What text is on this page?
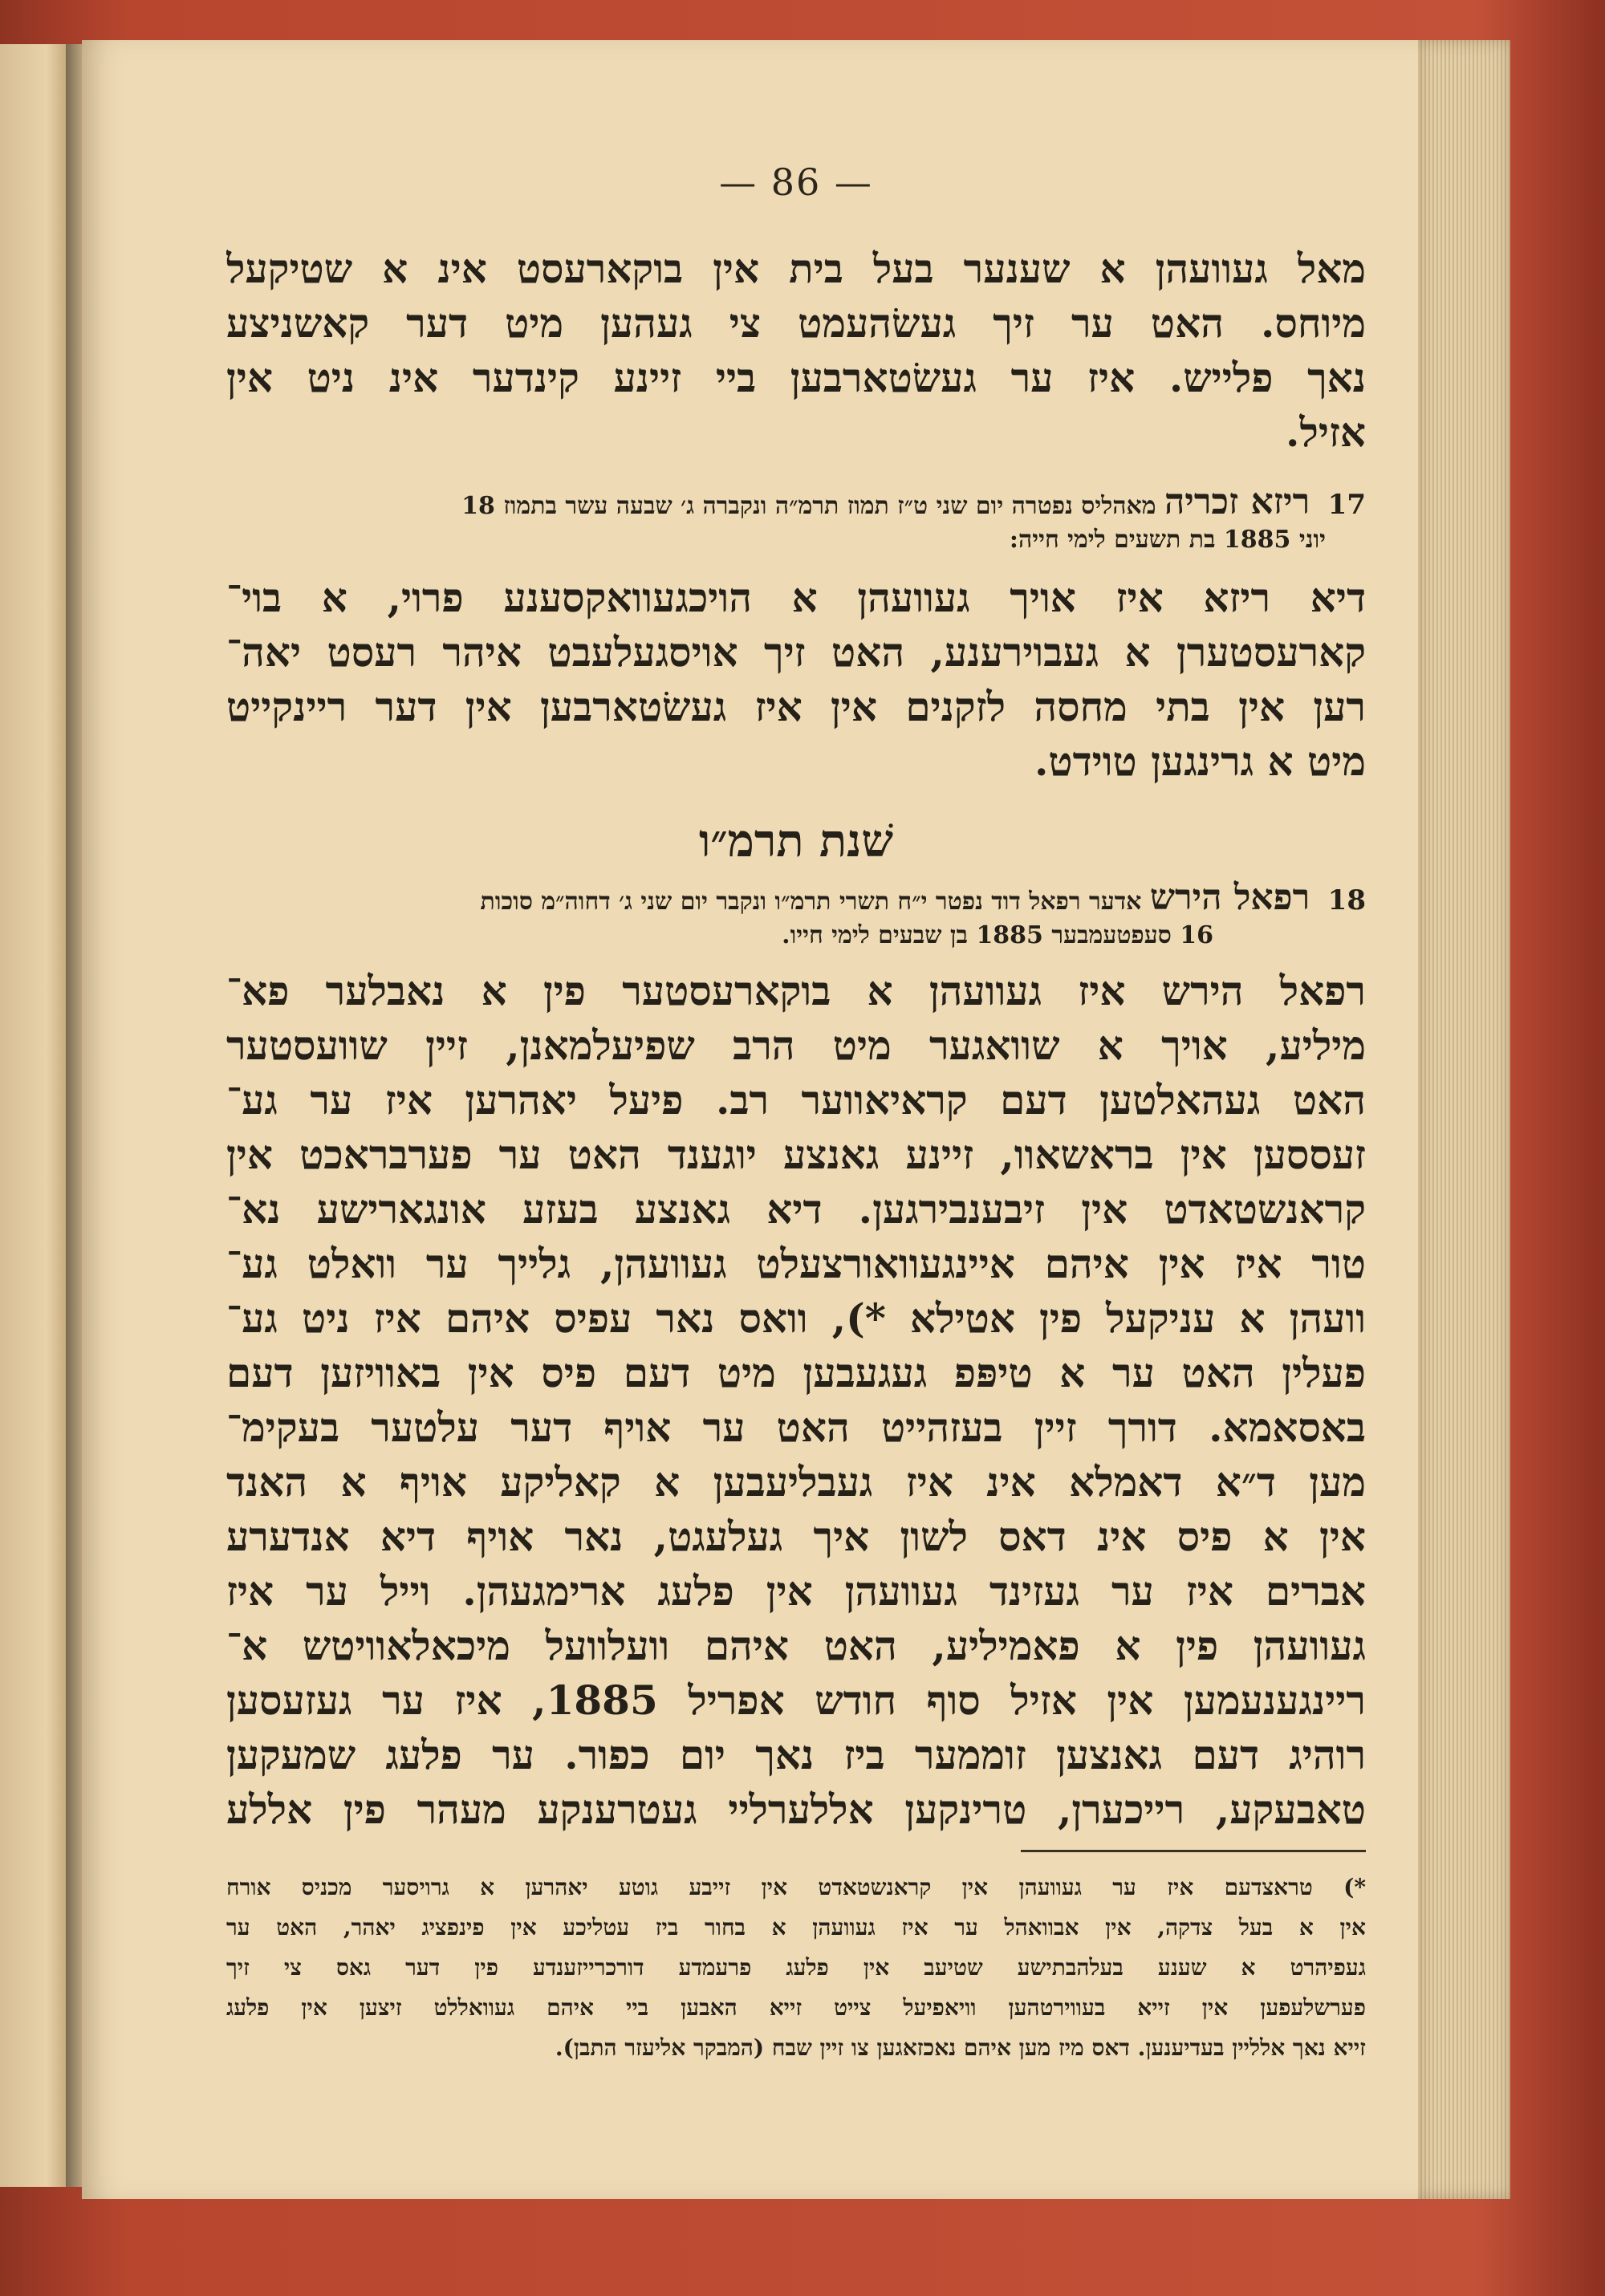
— 86 —
מאל געוועהן א שענער בעל בית אין בוקארעסט אינ א שטיקעל
מיוחס. האט ער זיך געשׂהעמט צי געהען מיט דער קאשניצע
נאך פלייש. איז ער געשׂטארבען ביי זיינע קינדער אינ ניט אין
אזיל.
17 ריזא זכריה מאהליס נפטרה יום שני ט״ז תמוז תרמ״ה ונקברה ג׳ שבעה עשר בתמוז 18
יוני 1885 בת תשעים לימי חייה:
דיא ריזא איז אויך געוועהן א הויכגעוואקסענע פרוי, א בוי־
קארעסטערן א געבוירענע, האט זיך אויסגעלעבט איהר רעסט יאה־
רען אין בתי מחסה לזקנים אין איז געשׂטארבען אין דער ריינקייט
מיט א גרינגען טוידט.
שׁנת תרמ״ו
18 רפאל הירש אדער רפאל דוד נפטר י״ח תשרי תרמ״ו ונקבר יום שני ג׳ דחוה״מ סוכות
16 סעפטעמבער 1885 בן שבעים לימי חייו.
רפאל הירש איז געוועהן א בוקארעסטער פין א נאבלער פא־
מיליע, אויך א שוואגער מיט הרב שפיעלמאנן, זיין שוועסטער
האט געהאלטען דעם קראיאווער רב. פיעל יאהרען איז ער גע־
זעססען אין בראשאוו, זיינע גאנצע יוגענד האט ער פערבראכט אין
קראנשטאדט אין זיבענבירגען. דיא גאנצע בעזע אונגארישע נא־
טור איז אין איהם איינגעוואורצעלט געוועהן, גלייך ער וואלט גע־
וועהן א עניקעל פין אטילא *), וואס נאר עפיס איהם איז ניט גע־
פעלין האט ער א טיפּפ געגעבען מיט דעם פיס אין באוויזען דעם
באסאמא. דורך זיין בעזהייט האט ער אויף דער עלטער בעקימ־
מען ד״א דאמלא אינ איז געבליעבען א קאליקע אויף א האנד
אין א פיס אינ דאס לשון איך געלעגט, נאר אויף דיא אנדערע
אברים איז ער געזינד געוועהן אין פלעג ארימגעהן. וייל ער איז
געוועהן פין א פאמיליע, האט איהם וועלוועל מיכאלאוויטש א־
ריינגענעמען אין אזיל סוף חודש אפריל 1885, איז ער געזעסען
רוהיג דעם גאנצען זוממער ביז נאך יום כפור. ער פלעג שמעקען
טאבעקע, רייכערן, טרינקען אללערליי געטרענקע מעהר פין אללע
*) טראצדעם איז ער געוועהן אין קראנשטאדט אין זייבע גוטע יאהרען א גרויסער מכניס אורח
אין א בעל צדקה, אין אבוואהל ער איז געוועהן א בחור ביז עטליכע אין פינפציג יאהר, האט ער
געפיהרט א שענע בעלהבתישע שטיעב אין פלעג פרעמדע דורכרייזענדע פין דער גאס צי זיך
פערשלעפען אין זייא בעווירטהען וויאפיעל צייט זייא האבען ביי איהם געוואללט זיצען אין פלעג
זייא נאך אלליין בעדיענען. דאס מיז מען איהם נאכזאגען צו זיין שבח (המבקר אליעזר התבן).
